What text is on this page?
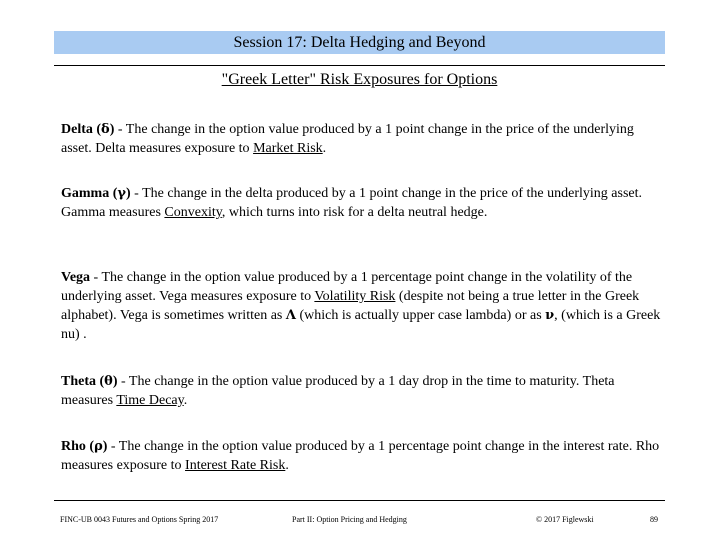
Session 17: Delta Hedging and Beyond
"Greek Letter" Risk Exposures for Options
Delta (δ) - The change in the option value produced by a 1 point change in the price of the underlying asset. Delta measures exposure to Market Risk.
Gamma (γ) - The change in the delta produced by a 1 point change in the price of the underlying asset. Gamma measures Convexity, which turns into risk for a delta neutral hedge.
Vega - The change in the option value produced by a 1 percentage point change in the volatility of the underlying asset. Vega measures exposure to Volatility Risk (despite not being a true letter in the Greek alphabet). Vega is sometimes written as Λ (which is actually upper case lambda) or as ν, (which is a Greek nu) .
Theta (θ) - The change in the option value produced by a 1 day drop in the time to maturity. Theta measures Time Decay.
Rho (ρ) - The change in the option value produced by a 1 percentage point change in the interest rate. Rho measures exposure to Interest Rate Risk.
FINC-UB 0043 Futures and Options Spring 2017	Part II: Option Pricing and Hedging	© 2017 Figlewski	89
